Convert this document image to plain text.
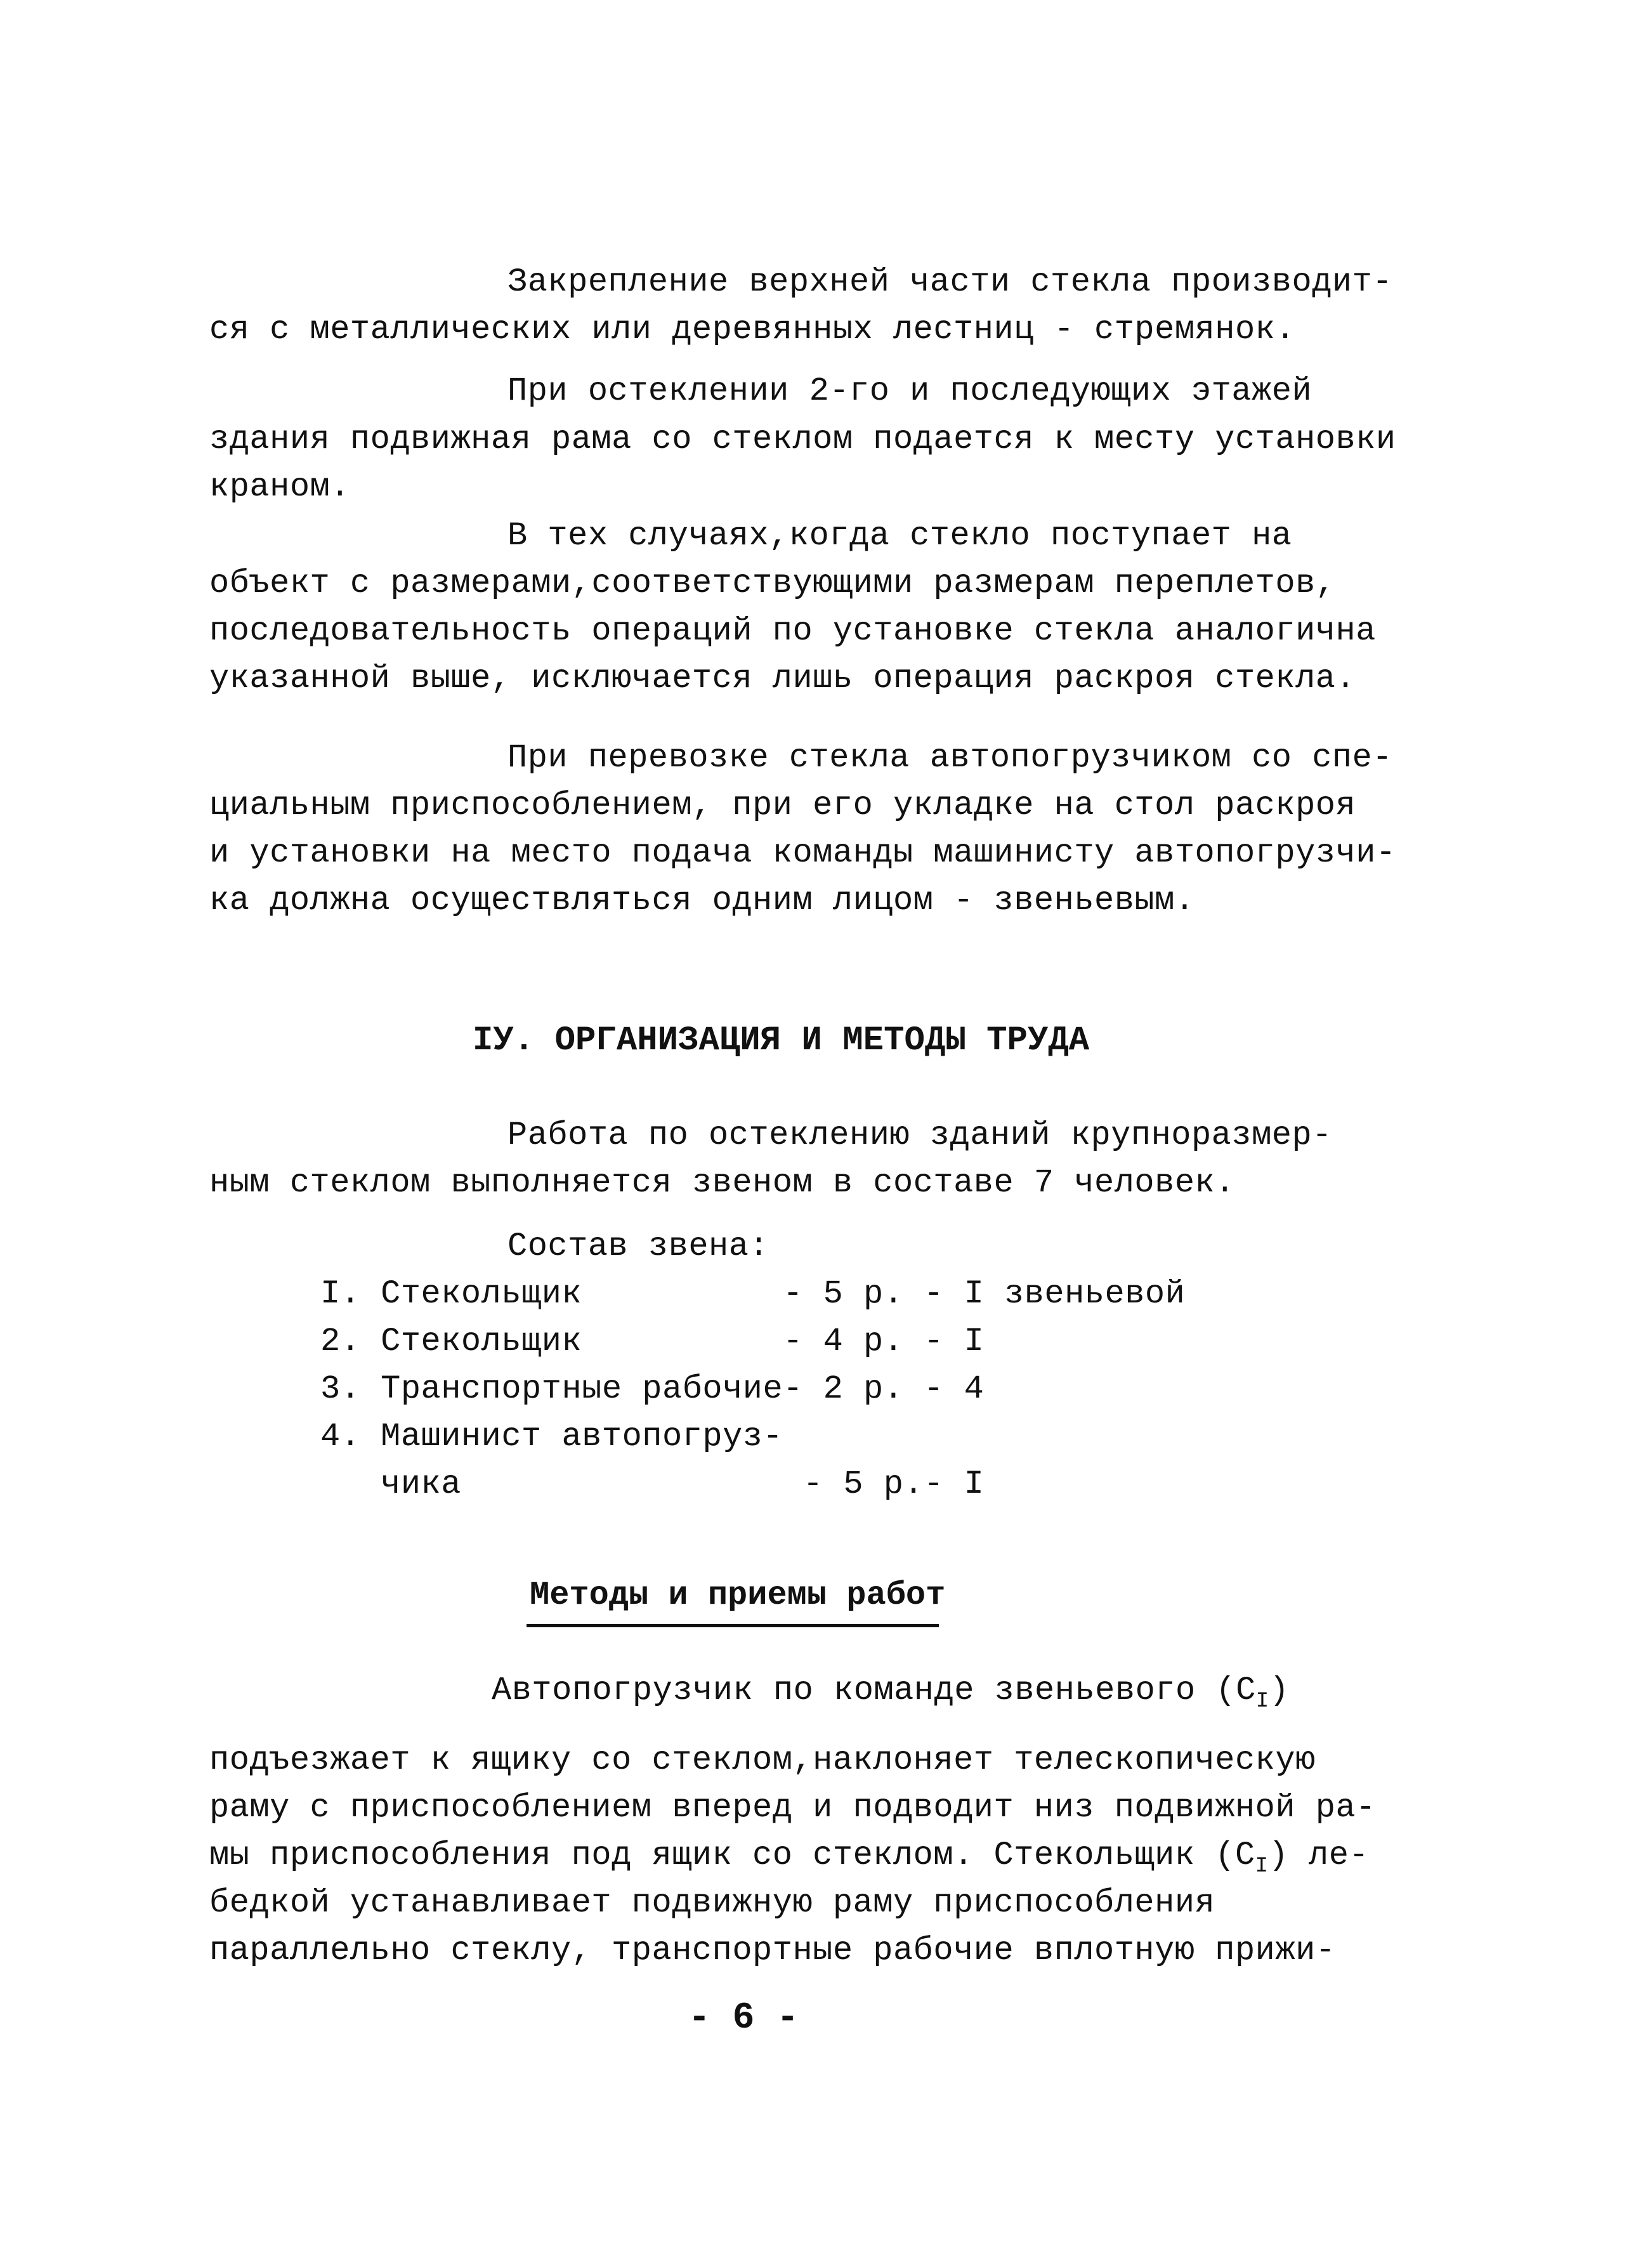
Закрепление верхней части стекла производит-
ся с металлических или деревянных лестниц - стремянок.
При остеклении 2-го и последующих этажей
здания подвижная рама со стеклом подается к месту установки
краном.
В тех случаях,когда стекло поступает на
объект с размерами,соответствующими размерам переплетов,
последовательность операций по установке стекла аналогична
указанной выше, исключается лишь операция раскроя стекла.
При перевозке стекла автопогрузчиком со спе-
циальным приспособлением, при его укладке на стол раскроя
и установки на место подача команды машинисту автопогрузчи-
ка должна осуществляться одним лицом - звеньевым.
IУ. ОРГАНИЗАЦИЯ И МЕТОДЫ ТРУДА
Работа по остеклению зданий крупноразмер-
ным стеклом выполняется звеном в составе 7 человек.
Состав звена:
I. Стекольщик          - 5 р. - I звеньевой
2. Стекольщик          - 4 р. - I
3. Транспортные рабочие- 2 р. - 4
4. Машинист автопогруз-
чика                 - 5 р.- I
Методы и приемы работ
Автопогрузчик по команде звеньевого $(С_I)$
подъезжает к ящику со стеклом,наклоняет телескопическую
раму с приспособлением вперед и подводит низ подвижной ра-
мы приспособления под ящик со стеклом. Стекольщик $(С_I)$ ле-
бедкой устанавливает подвижную раму приспособления
параллельно стеклу, транспортные рабочие вплотную прижи-
- 6 -
